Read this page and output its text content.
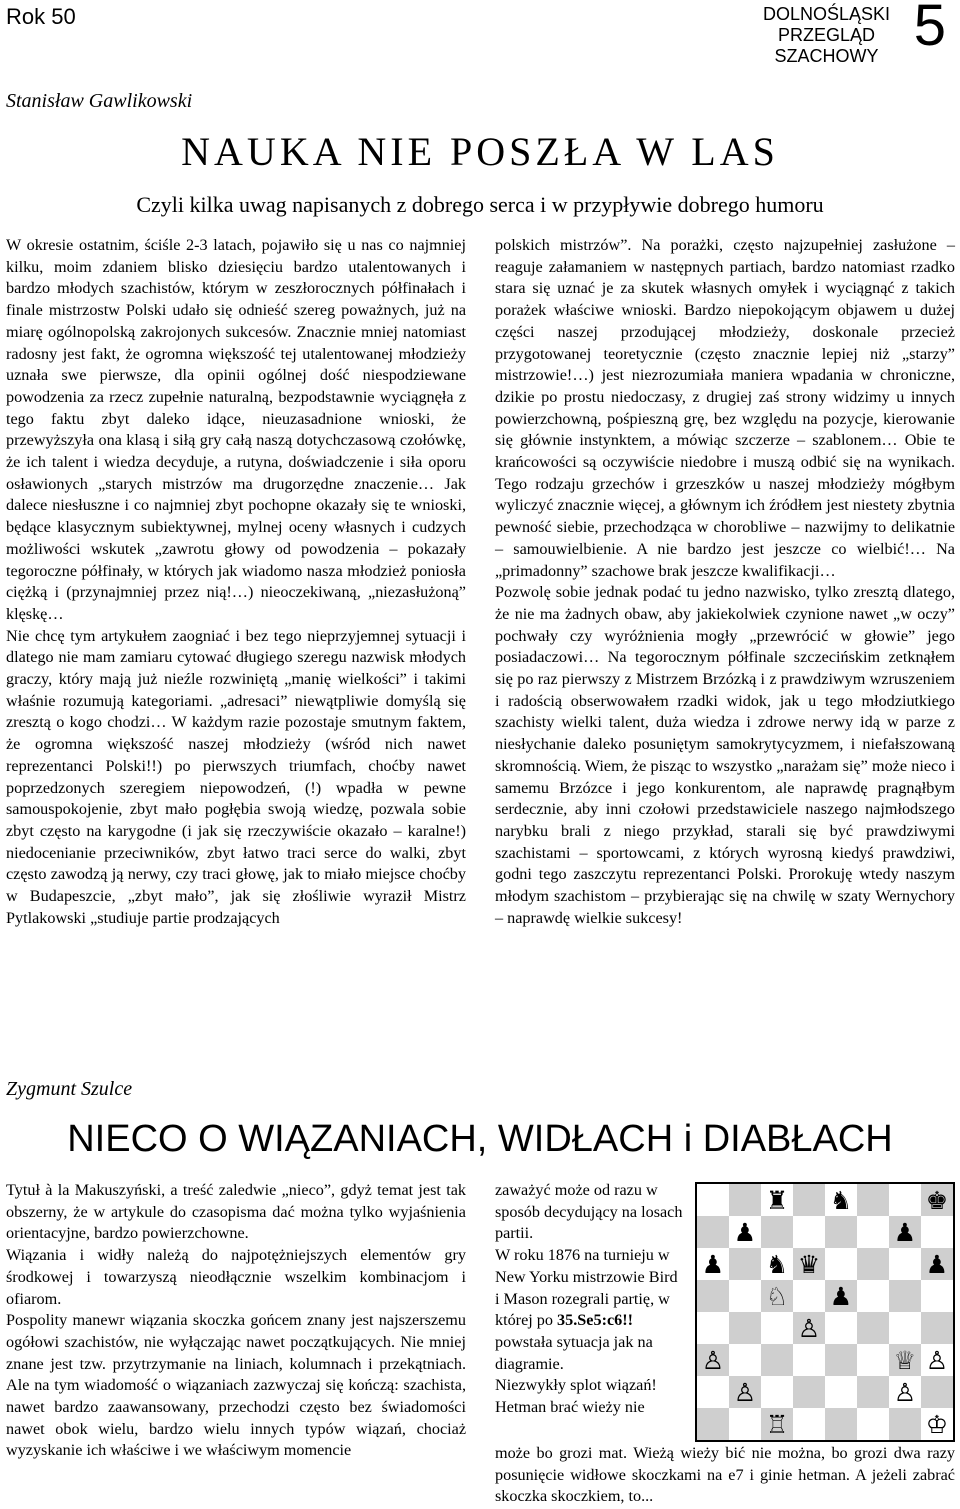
Rok 50	DOLNOŚLĄSKI
PRZEGLĄD
SZACHOWY 5
Stanisław Gawlikowski
NAUKA NIE POSZŁA W LAS
Czyli kilka uwag napisanych z dobrego serca i w przypływie dobrego humoru

W okresie ostatnim, ściśle 2-3 latach, pojawiło się u nas co najmniej kilku, moim zdaniem blisko dziesięciu bardzo utalentowanych i bardzo młodych szachistów, którym w zeszłorocznych półfinałach i finale mistrzostw Polski udało się odnieść szereg poważnych, już na miarę ogólnopolską zakrojonych sukcesów. Znacznie mniej natomiast radosny jest fakt, że ogromna większość tej utalentowanej młodzieży uznała swe pierwsze, dla opinii ogólnej dość niespodziewane powodzenia za rzecz zupełnie naturalną, bezpodstawnie wyciągnęła z tego faktu zbyt daleko idące, nieuzasadnione wnioski, że przewyższyła ona klasą i siłą gry całą naszą dotychczasową czołówkę, że ich talent i wiedza decyduje, a rutyna, doświadczenie i siła oporu osławionych „starych mistrzów ma drugorzędne znaczenie… Jak dalece niesłuszne i co najmniej zbyt pochopne okazały się te wnioski, będące klasycznym subiektywnej, mylnej oceny własnych i cudzych możliwości wskutek „zawrotu głowy od powodzenia – pokazały tegoroczne półfinały, w których jak wiadomo nasza młodzież poniosła ciężką i (przynajmniej przez nią!…) nieoczekiwaną, „niezasłużoną” klęskę…

Nie chcę tym artykułem zaogniać i bez tego nieprzyjemnej sytuacji i dlatego nie mam zamiaru cytować długiego szeregu nazwisk młodych graczy, który mają już nieźle rozwiniętą „manię wielkości” i takimi właśnie rozumują kategoriami. „adresaci” niewątpliwie domyślą się zresztą o kogo chodzi… W każdym razie pozostaje smutnym faktem, że ogromna większość naszej młodzieży (wśród nich nawet reprezentanci Polski!!) po pierwszych triumfach, choćby nawet poprzedzonych szeregiem niepowodzeń, (!) wpadła w pewne samouspokojenie, zbyt mało pogłębia swoją wiedzę, pozwala sobie zbyt często na karygodne (i jak się rzeczywiście okazało – karalne!) niedocenianie przeciwników, zbyt łatwo traci serce do walki, zbyt często zawodzą ją nerwy, czy traci głowę, jak to miało miejsce choćby w Budapeszcie, „zbyt mało”, jak się złośliwie wyraził Mistrz Pytlakowski „studiuje partie prodzających

polskich mistrzów”. Na porażki, często najzupełniej zasłużone – reaguje załamaniem w następnych partiach, bardzo natomiast rzadko stara się uznać je za skutek własnych omyłek i wyciągnąć z takich porażek właściwe wnioski. Bardzo niepokojącym objawem u dużej części naszej przodującej młodzieży, doskonale przecież przygotowanej teoretycznie (często znacznie lepiej niż „starzy” mistrzowie!…) jest niezrozumiała maniera wpadania w chroniczne, dzikie po prostu niedoczasy, z drugiej zaś strony widzimy u innych powierzchowną, pośpieszną grę, bez względu na pozycje, kierowanie się głównie instynktem, a mówiąc szczerze – szablonem… Obie te krańcowości są oczywiście niedobre i muszą odbić się na wynikach. Tego rodzaju grzechów i grzeszków u naszej młodzieży mógłbym wyliczyć znacznie więcej, a głównym ich źródłem jest niestety zbytnia pewność siebie, przechodząca w chorobliwe – nazwijmy to delikatnie – samouwielbienie. A nie bardzo jest jeszcze co wielbić!… Na „primadonny” szachowe brak jeszcze kwalifikacji…

Pozwolę sobie jednak podać tu jedno nazwisko, tylko zresztą dlatego, że nie ma żadnych obaw, aby jakiekolwiek czynione nawet „w oczy” pochwały czy wyróżnienia mogły „przewrócić w głowie” jego posiadaczowi… Na tegorocznym półfinale szczecińskim zetknąłem się po raz pierwszy z Mistrzem Brzózką i z prawdziwym wzruszeniem i radością obserwowałem rzadki widok, jak u tego młodziutkiego szachisty wielki talent, duża wiedza i zdrowe nerwy idą w parze z niesłychanie daleko posuniętym samokrytycyzmem, i niefałszowaną skromnością. Wiem, że pisząc to wszystko „narażam się” może nieco i samemu Brzózce i jego konkurentom, ale naprawdę pragnąłbym serdecznie, aby inni czołowi przedstawiciele naszego najmłodszego narybku brali z niego przykład, starali się być prawdziwymi szachistami – sportowcami, z których wyrosną kiedyś prawdziwi, godni tego zaszczytu reprezentanci Polski. Prorokuję wtedy naszym młodym szachistom – przybierając się na chwilę w szaty Wernychory – naprawdę wielkie sukcesy!

Zygmunt Szulce
NIECO O WIĄZANIACH, WIDŁACH i DIABŁACH

Tytuł à la Makuszyński, a treść zaledwie „nieco”, gdyż temat jest tak obszerny, że w artykule do czasopisma dać można tylko wyjaśnienia orientacyjne, bardzo powierzchowne.

Wiązania i widły należą do najpotężniejszych elementów gry środkowej i towarzyszą nieodłącznie wszelkim kombinacjom i ofiarom.

Pospolity manewr wiązania skoczka gońcem znany jest najszerszemu ogółowi szachistów, nie wyłączając nawet początkujących. Nie mniej znane jest tzw. przytrzymanie na liniach, kolumnach i przekątniach. Ale na tym wiadomość o wiązaniach zazwyczaj się kończą: szachista, nawet bardzo zaawansowany, przechodzi często bez świadomości nawet obok wielu, bardzo wielu innych typów wiązań, chociaż wyzyskanie ich właściwe i we właściwym momencie

zaważyć może od razu w sposób decydujący na losach partii.

W roku 1876 na turnieju w New Yorku mistrzowie Bird i Mason rozegrali partię, w której po 35.Se5:c6!! powstała sytuacja jak na diagramie.

Niezwykły splot wiązań! Hetman brać wieży nie

♜ ♞	♚
♟	♟
♟ ♞ ♛	♟
♘ ♟
♙
♙	♕ ♙
♙	♙
♖	♔
może bo grozi mat. Wieżą wieży bić nie można, bo grozi dwa razy posunięcie widłowe skoczkami na e7 i ginie hetman. A jeżeli zabrać skoczka skoczkiem, to...
